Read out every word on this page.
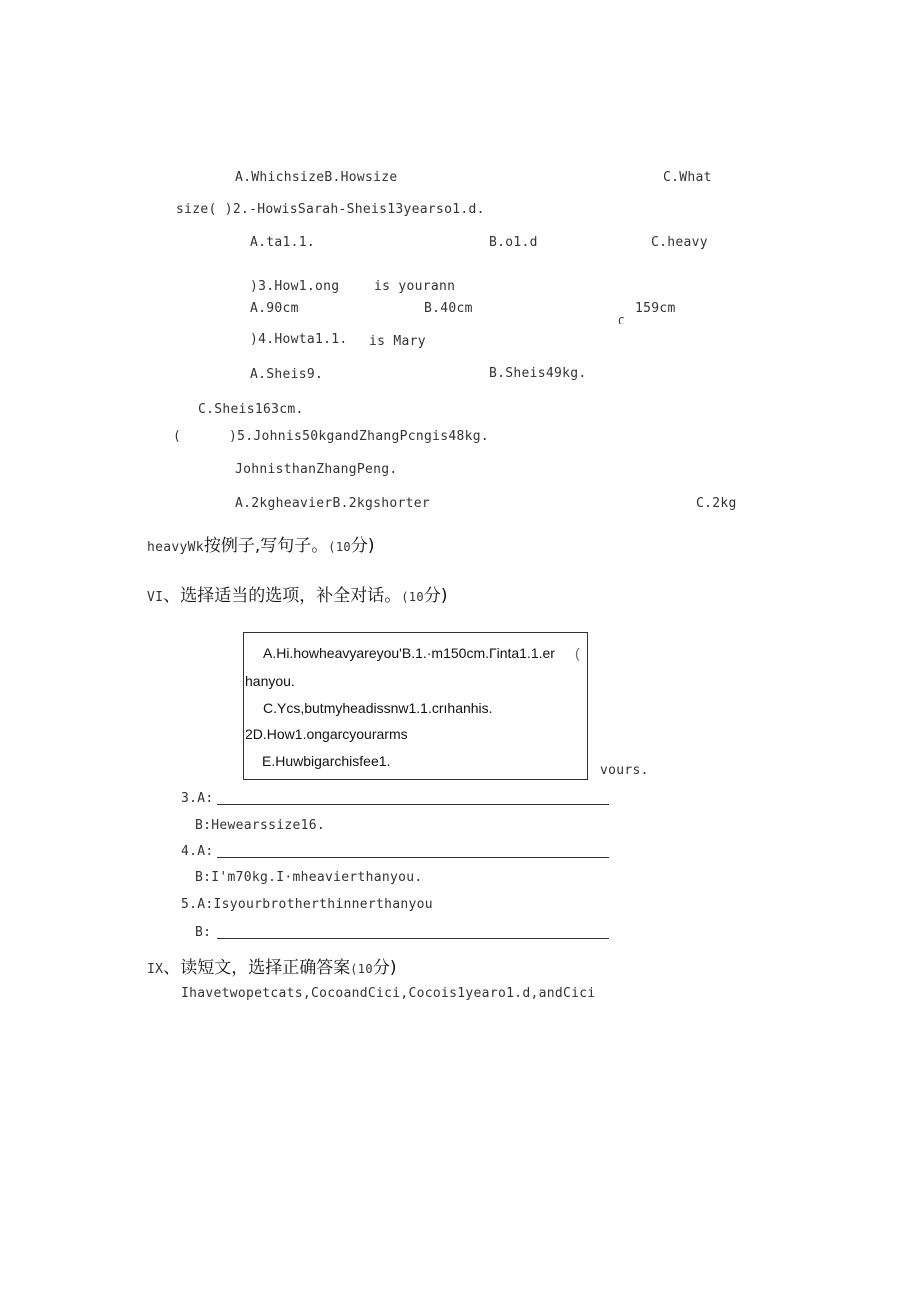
A.WhichsizeB.Howsize	C.What
size( )2.-HowisSarah-Sheis13yearso1.d.
A.ta1.1.	B.o1.d	C.heavy
)3.How1.ong	is yourann
A.90cm	B.40cm	159cm
C
)4.Howta1.1. is Mary
A.Sheis9.	B.Sheis49kg.
C.Sheis163cm.
(	)5.Johnis50kgandZhangPcngis48kg.
JohnisthanZhangPeng.
A.2kgheavierB.2kgshorter	C.2kg
heavyWk按例子,写句子。(10分)
VI、选择适当的选项，补全对话。(10分)
A.Hi.howheavyareyou'B.1.·m150cm.Гinta1.1.er (
hanyou.
C.Ycs,butmyheadissnw1.1.crıhanhis.
2D.How1.ongarcyourarms
E.Huwbigarchisfee1.
vours.
3.A:
B:Hewearssize16.
4.A:
B:I'm70kg.I·mheavierthanyou.
5.A:Isyourbrotherthinnerthanyou
B:
IX、读短文，选择正确答案(10分)
Ihavetwopetcats,CocoandCici,Cocois1yearo1.d,andCici
